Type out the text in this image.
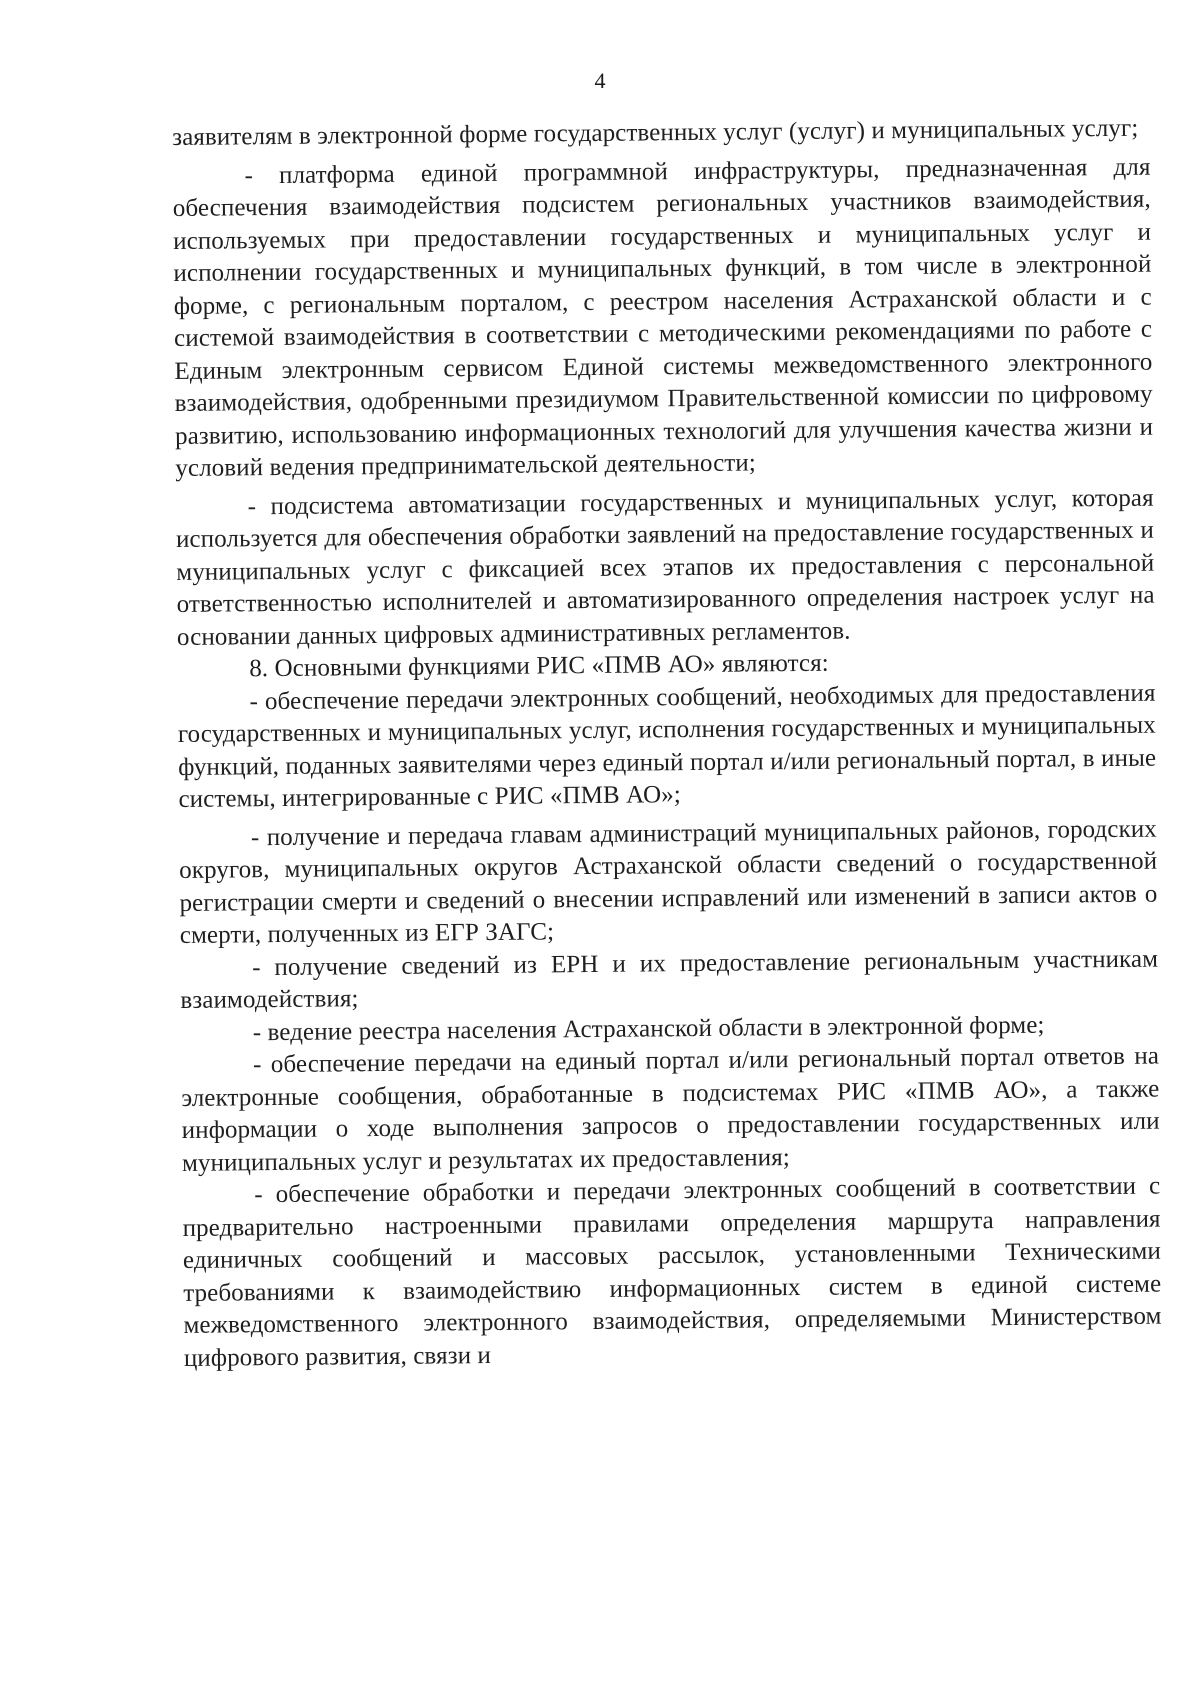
4

заявителям в электронной форме государственных услуг (услуг) и муниципальных услуг;

- платформа единой программной инфраструктуры, предназначенная для обеспечения взаимодействия подсистем региональных участников взаимодействия, используемых при предоставлении государственных и муниципальных услуг и исполнении государственных и муниципальных функций, в том числе в электронной форме, с региональным порталом, с реестром населения Астраханской области и с системой взаимодействия в соответствии с методическими рекомендациями по работе с Единым электронным сервисом Единой системы межведомственного электронного взаимодействия, одобренными президиумом Правительственной комиссии по цифровому развитию, использованию информационных технологий для улучшения качества жизни и условий ведения предпринимательской деятельности;

- подсистема автоматизации государственных и муниципальных услуг, которая используется для обеспечения обработки заявлений на предоставление государственных и муниципальных услуг с фиксацией всех этапов их предоставления с персональной ответственностью исполнителей и автоматизированного определения настроек услуг на основании данных цифровых административных регламентов.

8. Основными функциями РИС «ПМВ АО» являются:

- обеспечение передачи электронных сообщений, необходимых для предоставления государственных и муниципальных услуг, исполнения государственных и муниципальных функций, поданных заявителями через единый портал и/или региональный портал, в иные системы, интегрированные с РИС «ПМВ АО»;

- получение и передача главам администраций муниципальных районов, городских округов, муниципальных округов Астраханской области сведений о государственной регистрации смерти и сведений о внесении исправлений или изменений в записи актов о смерти, полученных из ЕГР ЗАГС;

- получение сведений из ЕРН и их предоставление региональным участникам взаимодействия;

- ведение реестра населения Астраханской области в электронной форме;

- обеспечение передачи на единый портал и/или региональный портал ответов на электронные сообщения, обработанные в подсистемах РИС «ПМВ АО», а также информации о ходе выполнения запросов о предоставлении государственных или муниципальных услуг и результатах их предоставления;

- обеспечение обработки и передачи электронных сообщений в соответствии с предварительно настроенными правилами определения маршрута направления единичных сообщений и массовых рассылок, установленными Техническими требованиями к взаимодействию информационных систем в единой системе межведомственного электронного взаимодействия, определяемыми Министерством цифрового развития, связи и
